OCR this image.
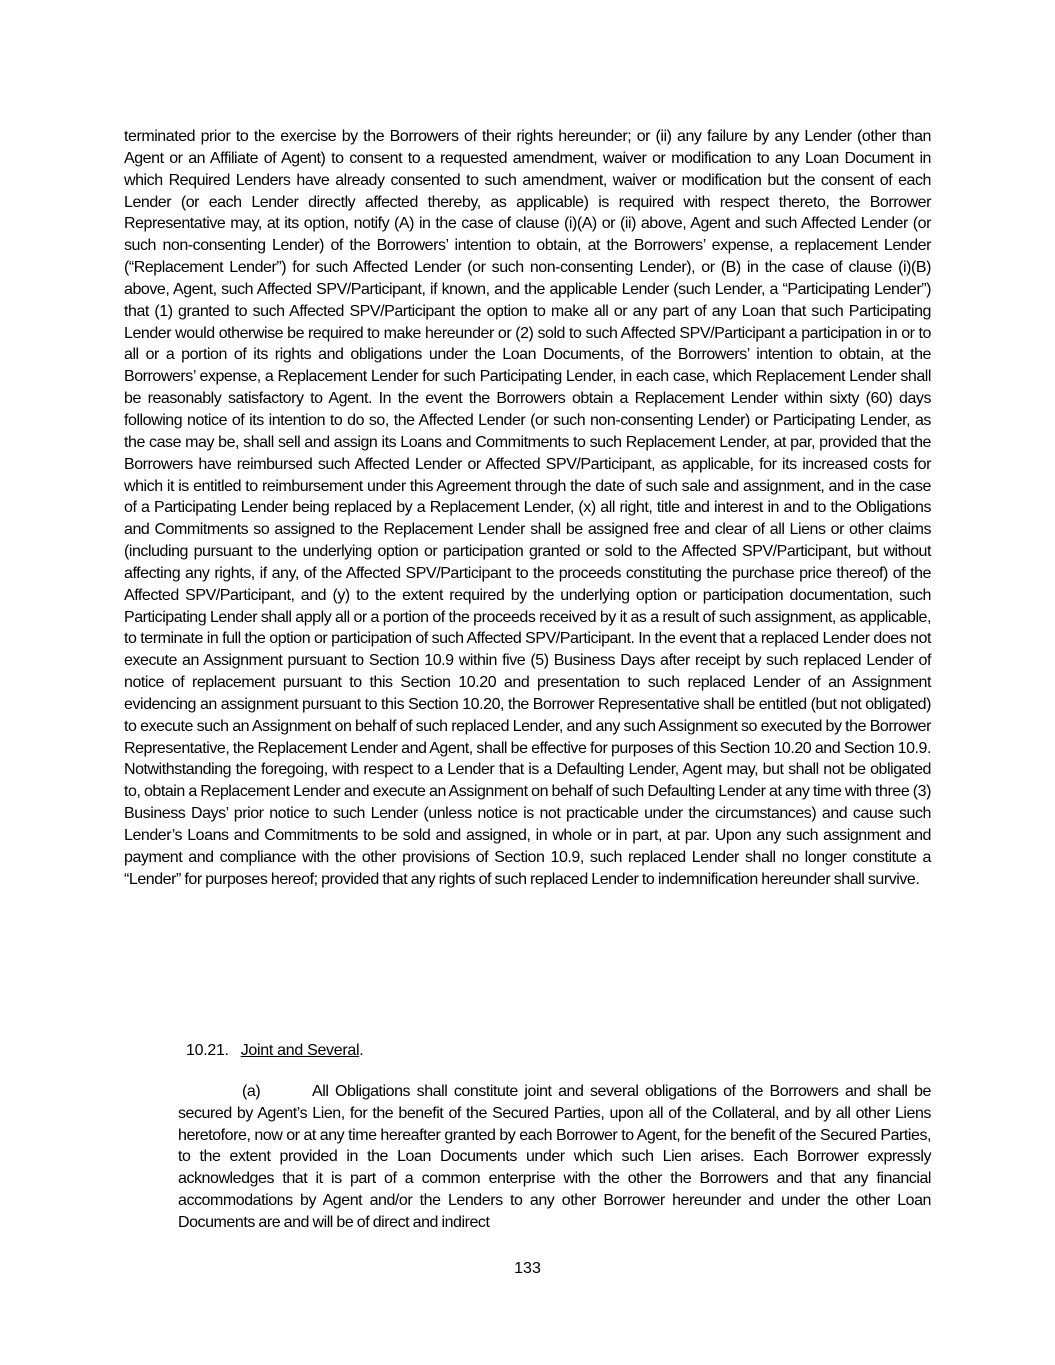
terminated prior to the exercise by the Borrowers of their rights hereunder; or (ii) any failure by any Lender (other than Agent or an Affiliate of Agent) to consent to a requested amendment, waiver or modification to any Loan Document in which Required Lenders have already consented to such amendment, waiver or modification but the consent of each Lender (or each Lender directly affected thereby, as applicable) is required with respect thereto, the Borrower Representative may, at its option, notify (A) in the case of clause (i)(A) or (ii) above, Agent and such Affected Lender (or such non-consenting Lender) of the Borrowers’ intention to obtain, at the Borrowers’ expense, a replacement Lender (“Replacement Lender”) for such Affected Lender (or such non-consenting Lender), or (B) in the case of clause (i)(B) above, Agent, such Affected SPV/Participant, if known, and the applicable Lender (such Lender, a “Participating Lender”) that (1) granted to such Affected SPV/Participant the option to make all or any part of any Loan that such Participating Lender would otherwise be required to make hereunder or (2) sold to such Affected SPV/Participant a participation in or to all or a portion of its rights and obligations under the Loan Documents, of the Borrowers’ intention to obtain, at the Borrowers’ expense, a Replacement Lender for such Participating Lender, in each case, which Replacement Lender shall be reasonably satisfactory to Agent. In the event the Borrowers obtain a Replacement Lender within sixty (60) days following notice of its intention to do so, the Affected Lender (or such non-consenting Lender) or Participating Lender, as the case may be, shall sell and assign its Loans and Commitments to such Replacement Lender, at par, provided that the Borrowers have reimbursed such Affected Lender or Affected SPV/Participant, as applicable, for its increased costs for which it is entitled to reimbursement under this Agreement through the date of such sale and assignment, and in the case of a Participating Lender being replaced by a Replacement Lender, (x) all right, title and interest in and to the Obligations and Commitments so assigned to the Replacement Lender shall be assigned free and clear of all Liens or other claims (including pursuant to the underlying option or participation granted or sold to the Affected SPV/Participant, but without affecting any rights, if any, of the Affected SPV/Participant to the proceeds constituting the purchase price thereof) of the Affected SPV/Participant, and (y) to the extent required by the underlying option or participation documentation, such Participating Lender shall apply all or a portion of the proceeds received by it as a result of such assignment, as applicable, to terminate in full the option or participation of such Affected SPV/Participant. In the event that a replaced Lender does not execute an Assignment pursuant to Section 10.9 within five (5) Business Days after receipt by such replaced Lender of notice of replacement pursuant to this Section 10.20 and presentation to such replaced Lender of an Assignment evidencing an assignment pursuant to this Section 10.20, the Borrower Representative shall be entitled (but not obligated) to execute such an Assignment on behalf of such replaced Lender, and any such Assignment so executed by the Borrower Representative, the Replacement Lender and Agent, shall be effective for purposes of this Section 10.20 and Section 10.9. Notwithstanding the foregoing, with respect to a Lender that is a Defaulting Lender, Agent may, but shall not be obligated to, obtain a Replacement Lender and execute an Assignment on behalf of such Defaulting Lender at any time with three (3) Business Days’ prior notice to such Lender (unless notice is not practicable under the circumstances) and cause such Lender’s Loans and Commitments to be sold and assigned, in whole or in part, at par. Upon any such assignment and payment and compliance with the other provisions of Section 10.9, such replaced Lender shall no longer constitute a “Lender” for purposes hereof; provided that any rights of such replaced Lender to indemnification hereunder shall survive.

10.21. Joint and Several.

(a)	All Obligations shall constitute joint and several obligations of the Borrowers and shall be secured by Agent’s Lien, for the benefit of the Secured Parties, upon all of the Collateral, and by all other Liens heretofore, now or at any time hereafter granted by each Borrower to Agent, for the benefit of the Secured Parties, to the extent provided in the Loan Documents under which such Lien arises. Each Borrower expressly acknowledges that it is part of a common enterprise with the other the Borrowers and that any financial accommodations by Agent and/or the Lenders to any other Borrower hereunder and under the other Loan Documents are and will be of direct and indirect

133
